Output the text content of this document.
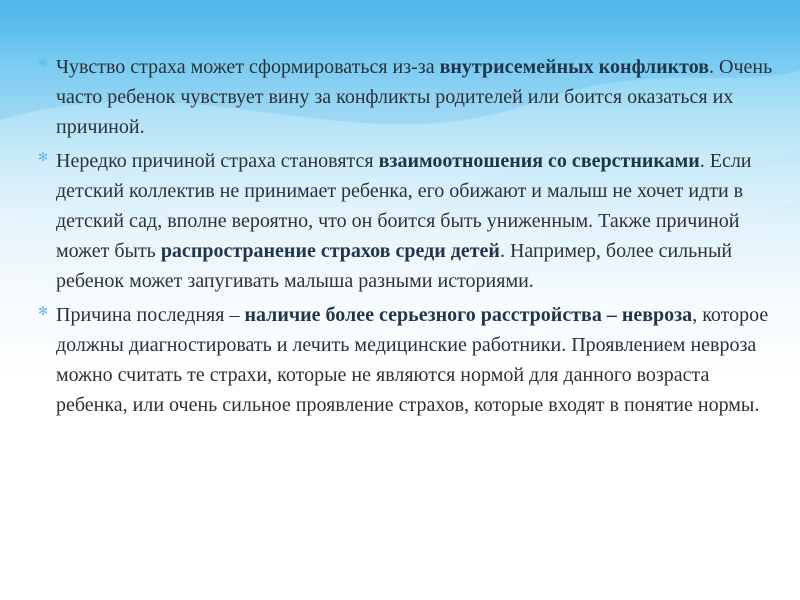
✻ Чувство страха может сформироваться из-за внутрисемейных конфликтов. Очень часто ребенок чувствует вину за конфликты родителей или боится оказаться их причиной.
✻ Нередко причиной страха становятся взаимоотношения со сверстниками. Если детский коллектив не принимает ребенка, его обижают и малыш не хочет идти в детский сад, вполне вероятно, что он боится быть униженным. Также причиной может быть распространение страхов среди детей. Например, более сильный ребенок может запугивать малыша разными историями.
✻ Причина последняя – наличие более серьезного расстройства – невроза, которое должны диагностировать и лечить медицинские работники. Проявлением невроза можно считать те страхи, которые не являются нормой для данного возраста ребенка, или очень сильное проявление страхов, которые входят в понятие нормы.
